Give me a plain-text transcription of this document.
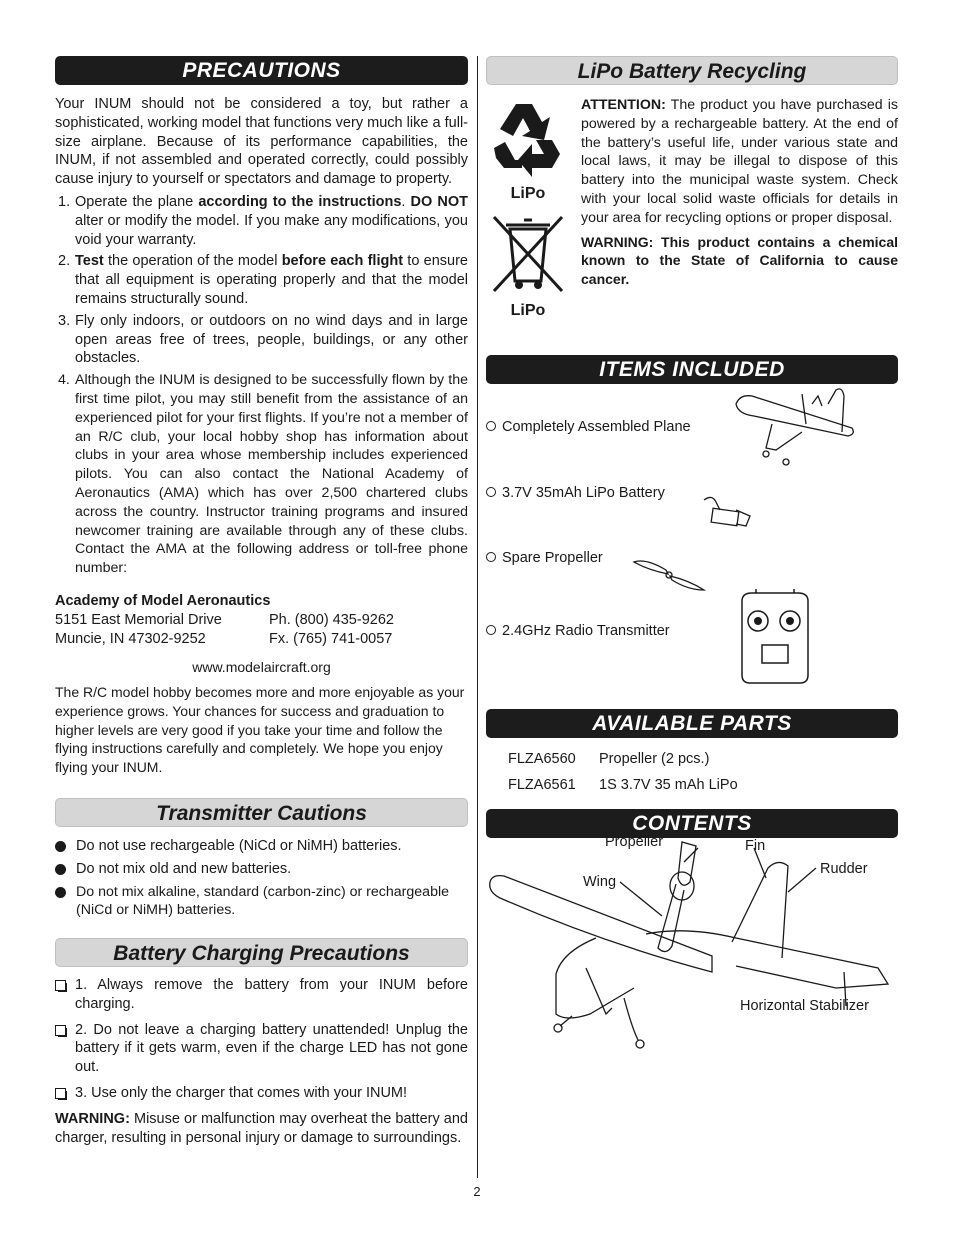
PRECAUTIONS

Your INUM should not be considered a toy, but rather a sophisticated, working model that functions very much like a full-size airplane. Because of its performance capabilities, the INUM, if not assembled and operated correctly, could possibly cause injury to yourself or spectators and damage to property.

1. Operate the plane according to the instructions. DO NOT alter or modify the model. If you make any modifications, you void your warranty.
2. Test the operation of the model before each flight to ensure that all equipment is operating properly and that the model remains structurally sound.
3. Fly only indoors, or outdoors on no wind days and in large open areas free of trees, people, buildings, or any other obstacles.
4. Although the INUM is designed to be successfully flown by the first time pilot, you may still benefit from the assistance of an experienced pilot for your first flights. If you’re not a member of an R/C club, your local hobby shop has information about clubs in your area whose membership includes experienced pilots. You can also contact the National Academy of Aeronautics (AMA) which has over 2,500 chartered clubs across the country. Instructor training programs and insured newcomer training are available through any of these clubs. Contact the AMA at the following address or toll-free phone number:
Academy of Model Aeronautics
5151 East Memorial Drive	Ph. (800) 435-9262
Muncie, IN 47302-9252	Fx. (765) 741-0057
www.modelaircraft.org

The R/C model hobby becomes more and more enjoyable as your experience grows. Your chances for success and graduation to higher levels are very good if you take your time and follow the flying instructions carefully and completely. We hope you enjoy flying your INUM.

Transmitter Cautions
Do not use rechargeable (NiCd or NiMH) batteries.
Do not mix old and new batteries.
Do not mix alkaline, standard (carbon-zinc) or rechargeable (NiCd or NiMH) batteries.
Battery Charging Precautions
1. Always remove the battery from your INUM before charging.
2. Do not leave a charging battery unattended! Unplug the battery if it gets warm, even if the charge LED has not gone out.
3. Use only the charger that comes with your INUM!

WARNING: Misuse or malfunction may overheat the battery and charger, resulting in personal injury or damage to surroundings.

LiPo Battery Recycling
LiPo
LiPo

ATTENTION: The product you have purchased is powered by a rechargeable battery. At the end of the battery’s useful life, under various state and local laws, it may be illegal to dispose of this battery into the municipal waste system. Check with your local solid waste officials for details in your area for recycling options or proper disposal.

WARNING: This product contains a chemical known to the State of California to cause cancer.

ITEMS INCLUDED
Completely Assembled Plane
3.7V 35mAh LiPo Battery
Spare Propeller
2.4GHz Radio Transmitter
AVAILABLE PARTS
FLZA6560	Propeller (2 pcs.)
FLZA6561	1S 3.7V 35 mAh LiPo
CONTENTS
Propeller	Fin
Rudder
Wing
Horizontal Stabilizer
2
